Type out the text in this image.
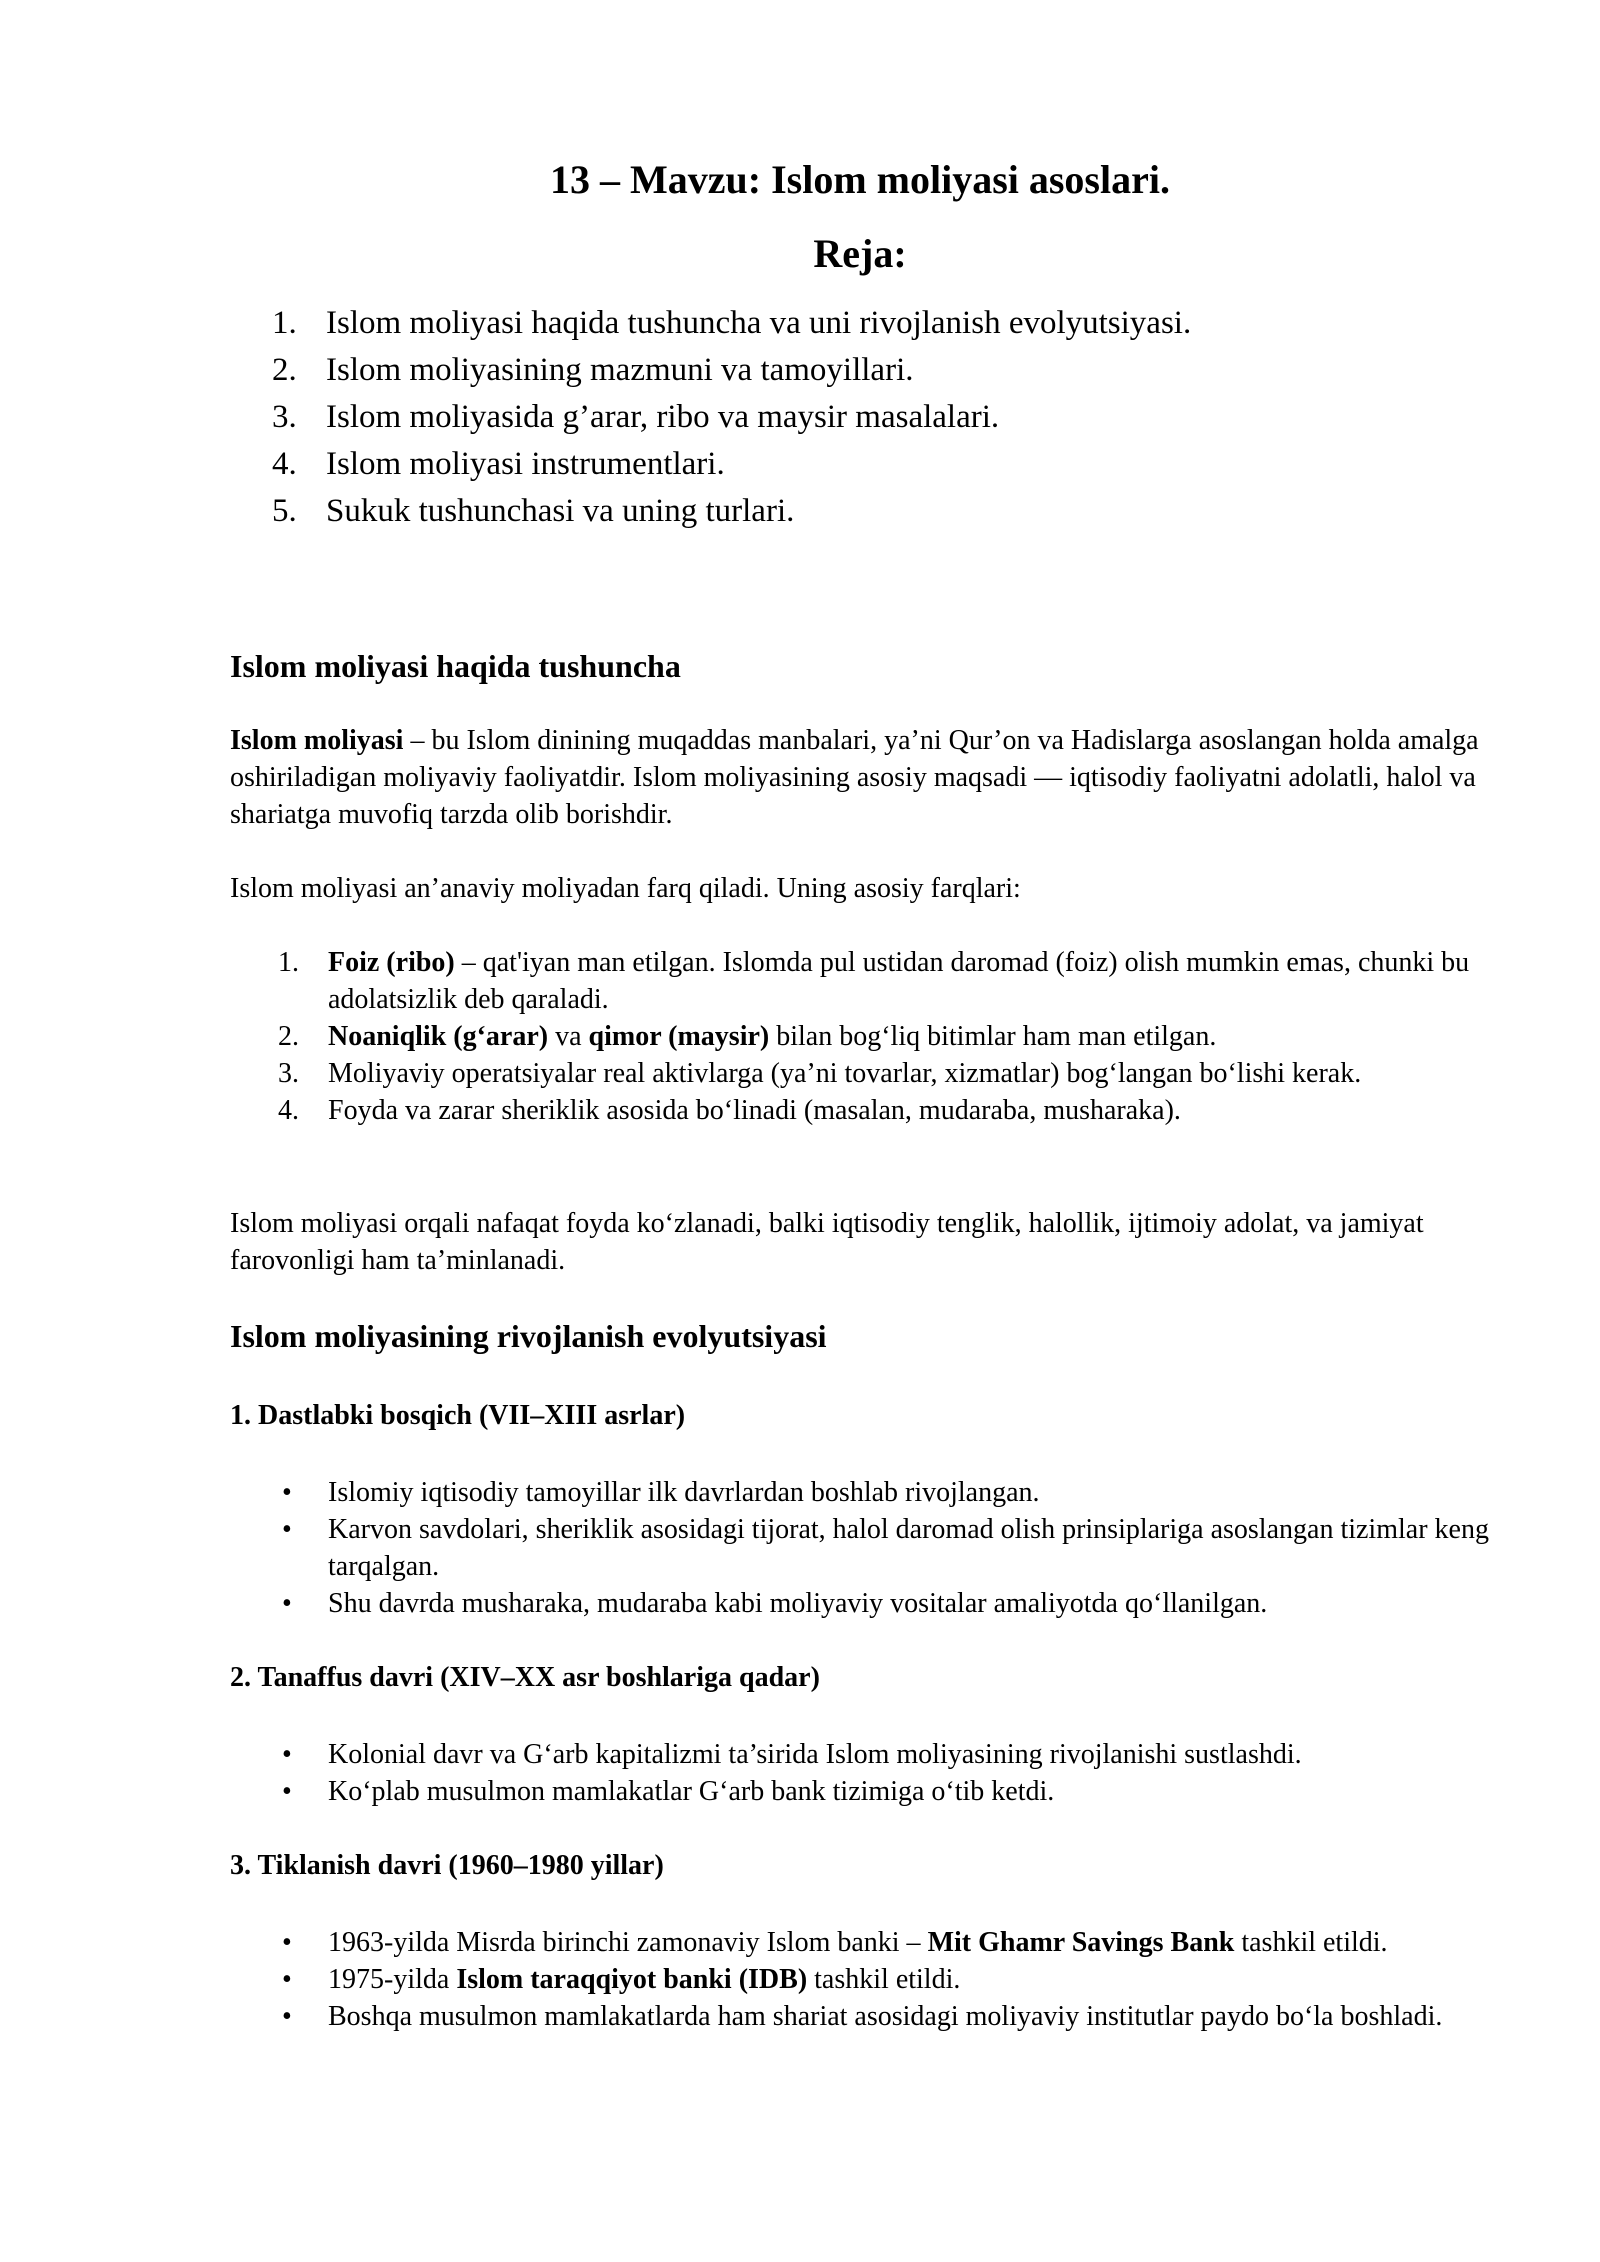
13 – Mavzu: Islom moliyasi asoslari.
Reja:
1. Islom moliyasi haqida tushuncha va uni rivojlanish evolyutsiyasi.
2. Islom moliyasining mazmuni va tamoyillari.
3. Islom moliyasida g’arar, ribo va maysir masalalari.
4. Islom moliyasi instrumentlari.
5. Sukuk tushunchasi va uning turlari.
Islom moliyasi haqida tushuncha

Islom moliyasi – bu Islom dinining muqaddas manbalari, ya’ni Qur’on va Hadislarga asoslangan holda amalga oshiriladigan moliyaviy faoliyatdir. Islom moliyasining asosiy maqsadi — iqtisodiy faoliyatni adolatli, halol va shariatga muvofiq tarzda olib borishdir.

Islom moliyasi an’anaviy moliyadan farq qiladi. Uning asosiy farqlari:

1. Foiz (ribo) – qat'iyan man etilgan. Islomda pul ustidan daromad (foiz) olish mumkin emas, chunki bu adolatsizlik deb qaraladi.
2. Noaniqlik (g‘arar) va qimor (maysir) bilan bog‘liq bitimlar ham man etilgan.
3. Moliyaviy operatsiyalar real aktivlarga (ya’ni tovarlar, xizmatlar) bog‘langan bo‘lishi kerak.
4. Foyda va zarar sheriklik asosida bo‘linadi (masalan, mudaraba, musharaka).

Islom moliyasi orqali nafaqat foyda ko‘zlanadi, balki iqtisodiy tenglik, halollik, ijtimoiy adolat, va jamiyat farovonligi ham ta’minlanadi.

Islom moliyasining rivojlanish evolyutsiyasi
1. Dastlabki bosqich (VII–XIII asrlar)
• Islomiy iqtisodiy tamoyillar ilk davrlardan boshlab rivojlangan.
• Karvon savdolari, sheriklik asosidagi tijorat, halol daromad olish prinsiplariga asoslangan tizimlar keng tarqalgan.
• Shu davrda musharaka, mudaraba kabi moliyaviy vositalar amaliyotda qo‘llanilgan.
2. Tanaffus davri (XIV–XX asr boshlariga qadar)
• Kolonial davr va G‘arb kapitalizmi ta’sirida Islom moliyasining rivojlanishi sustlashdi.
• Ko‘plab musulmon mamlakatlar G‘arb bank tizimiga o‘tib ketdi.
3. Tiklanish davri (1960–1980 yillar)
• 1963-yilda Misrda birinchi zamonaviy Islom banki – Mit Ghamr Savings Bank tashkil etildi.
• 1975-yilda Islom taraqqiyot banki (IDB) tashkil etildi.
• Boshqa musulmon mamlakatlarda ham shariat asosidagi moliyaviy institutlar paydo bo‘la boshladi.
